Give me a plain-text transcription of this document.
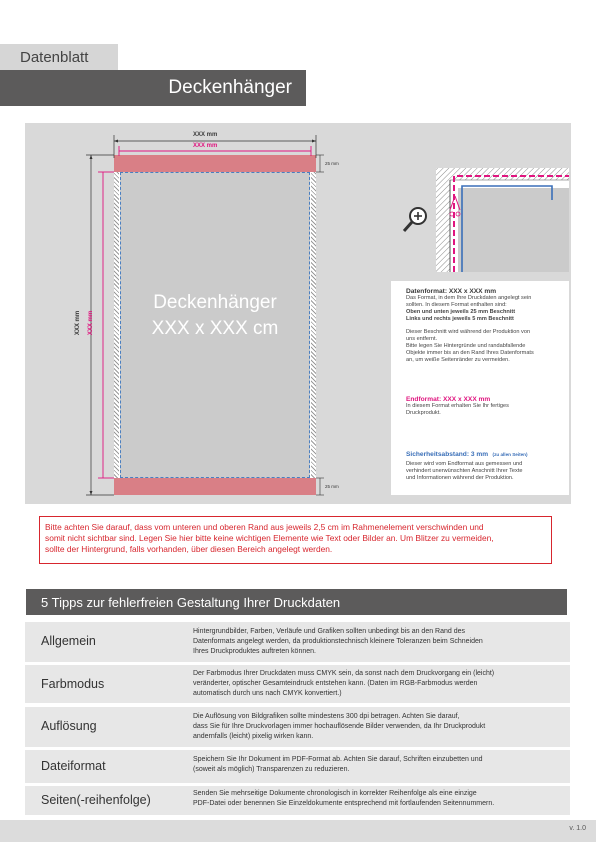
Datenblatt
Deckenhänger
Deckenhänger
XXX x XXX cm
XXX mm
XXX mm
XXX mm XXX mm
25 mm
25 mm
Datenformat: XXX x XXX mm
Das Format, in dem Ihre Druckdaten angelegt sein
sollten. In diesem Format enthalten sind:
Oben und unten jeweils 25 mm Beschnitt
Links und rechts jeweils 5 mm Beschnitt
Dieser Beschnitt wird während der Produktion von
uns entfernt.
Bitte legen Sie Hintergründe und randabfallende
Objekte immer bis an den Rand Ihres Datenformats
an, um weiße Seitenränder zu vermeiden.
Endformat: XXX x XXX mm
In diesem Format erhalten Sie Ihr fertiges
Druckprodukt.
Sicherheitsabstand: 3 mm (zu allen Seiten)
Dieser wird vom Endformat aus gemessen und
verhindert unerwünschten Anschnitt Ihrer Texte
und Informationen während der Produktion.
Bitte achten Sie darauf, dass vom unteren und oberen Rand aus jeweils 2,5 cm im Rahmenelement verschwinden und
somit nicht sichtbar sind. Legen Sie hier bitte keine wichtigen Elemente wie Text oder Bilder an. Um Blitzer zu vermeiden,
sollte der Hintergrund, falls vorhanden, über diesen Bereich angelegt werden.
5 Tipps zur fehlerfreien Gestaltung Ihrer Druckdaten
Allgemein
Hintergrundbilder, Farben, Verläufe und Grafiken sollten unbedingt bis an den Rand des
Datenformats angelegt werden, da produktionstechnisch kleinere Toleranzen beim Schneiden
Ihres Druckproduktes auftreten können.
Farbmodus
Der Farbmodus Ihrer Druckdaten muss CMYK sein, da sonst nach dem Druckvorgang ein (leicht)
veränderter, optischer Gesamteindruck entstehen kann. (Daten im RGB-Farbmodus werden
automatisch durch uns nach CMYK konvertiert.)
Auflösung
Die Auflösung von Bildgrafiken sollte mindestens 300 dpi betragen. Achten Sie darauf,
dass Sie für Ihre Druckvorlagen immer hochauflösende Bilder verwenden, da Ihr Druckprodukt
andernfalls (leicht) pixelig wirken kann.
Dateiformat	Speichern Sie Ihr Dokument im PDF-Format ab. Achten Sie darauf, Schriften einzubetten und
(soweit als möglich) Transparenzen zu reduzieren.
Seiten(-reihenfolge)	Senden Sie mehrseitige Dokumente chronologisch in korrekter Reihenfolge als eine einzige
PDF-Datei oder benennen Sie Einzeldokumente entsprechend mit fortlaufenden Seitennummern.
v. 1.0
